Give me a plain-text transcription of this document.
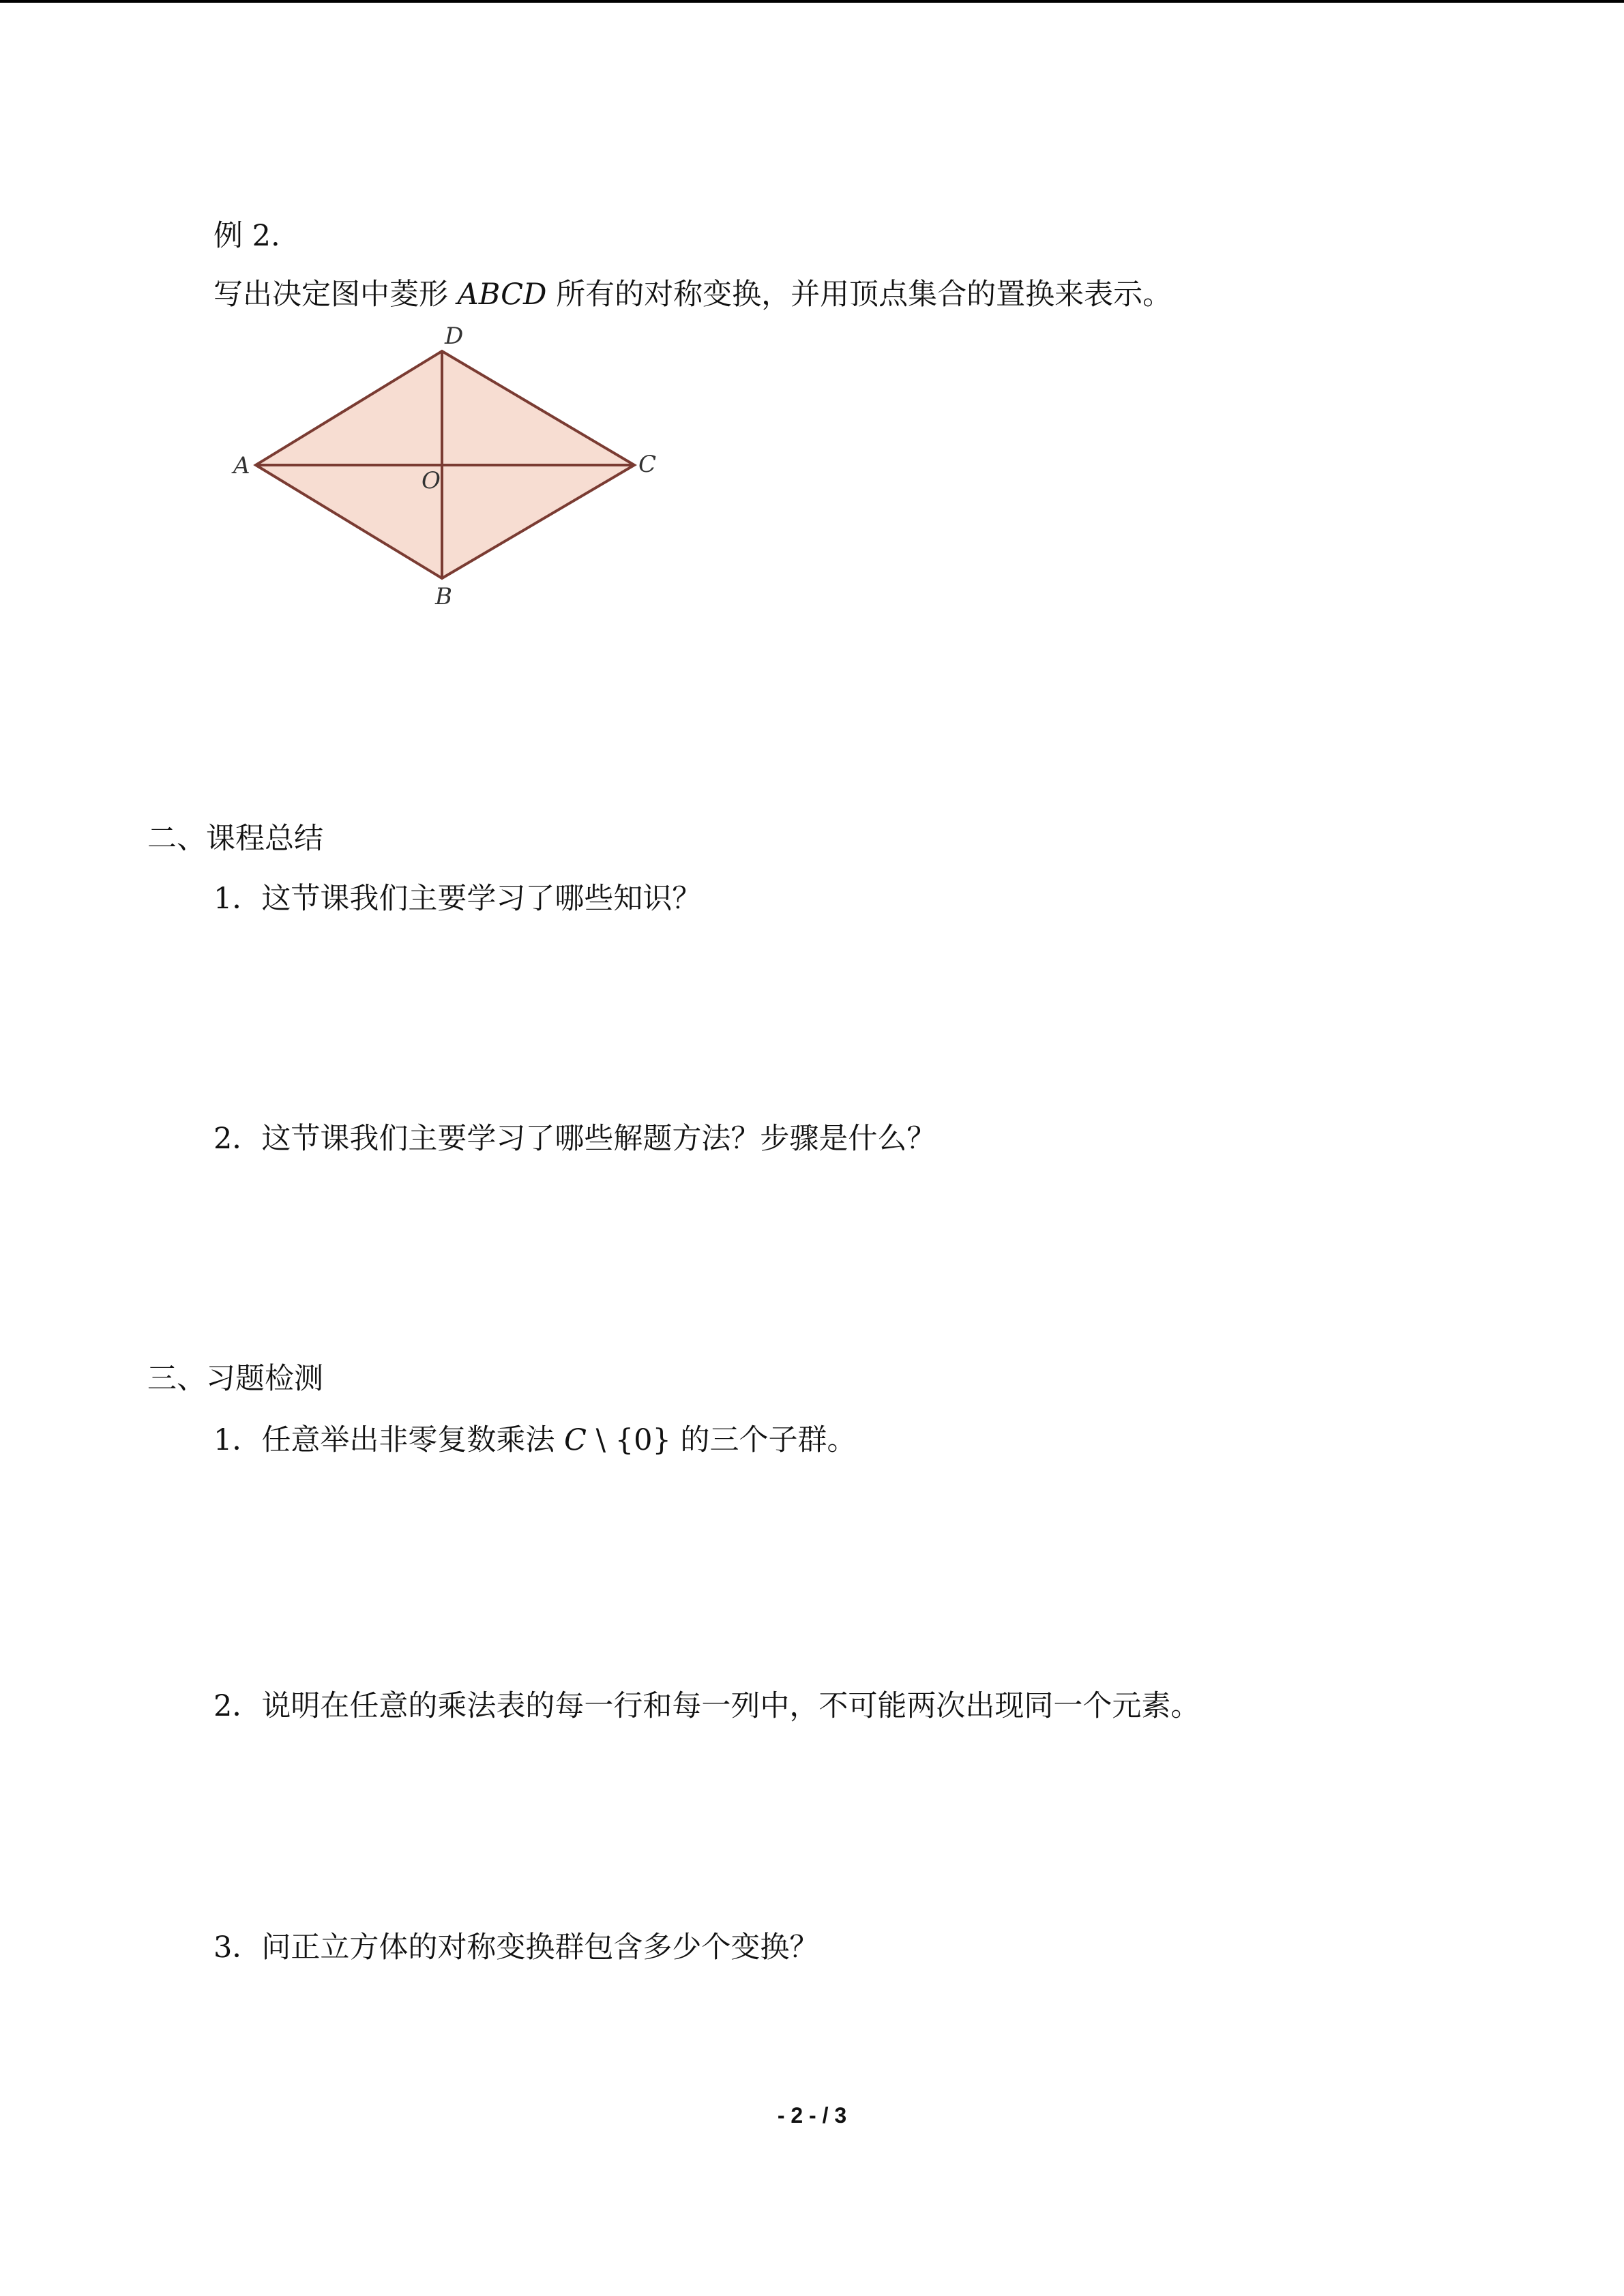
例 2.
写出决定图中菱形 ABCD 所有的对称变换，并用顶点集合的置换来表示。
A
B
C
D
O
二、课程总结
1．这节课我们主要学习了哪些知识？
2．这节课我们主要学习了哪些解题方法？步骤是什么？
三、习题检测
1．任意举出非零复数乘法 C \ {0} 的三个子群。
2．说明在任意的乘法表的每一行和每一列中，不可能两次出现同一个元素。
3．问正立方体的对称变换群包含多少个变换？
- 2 - / 3
